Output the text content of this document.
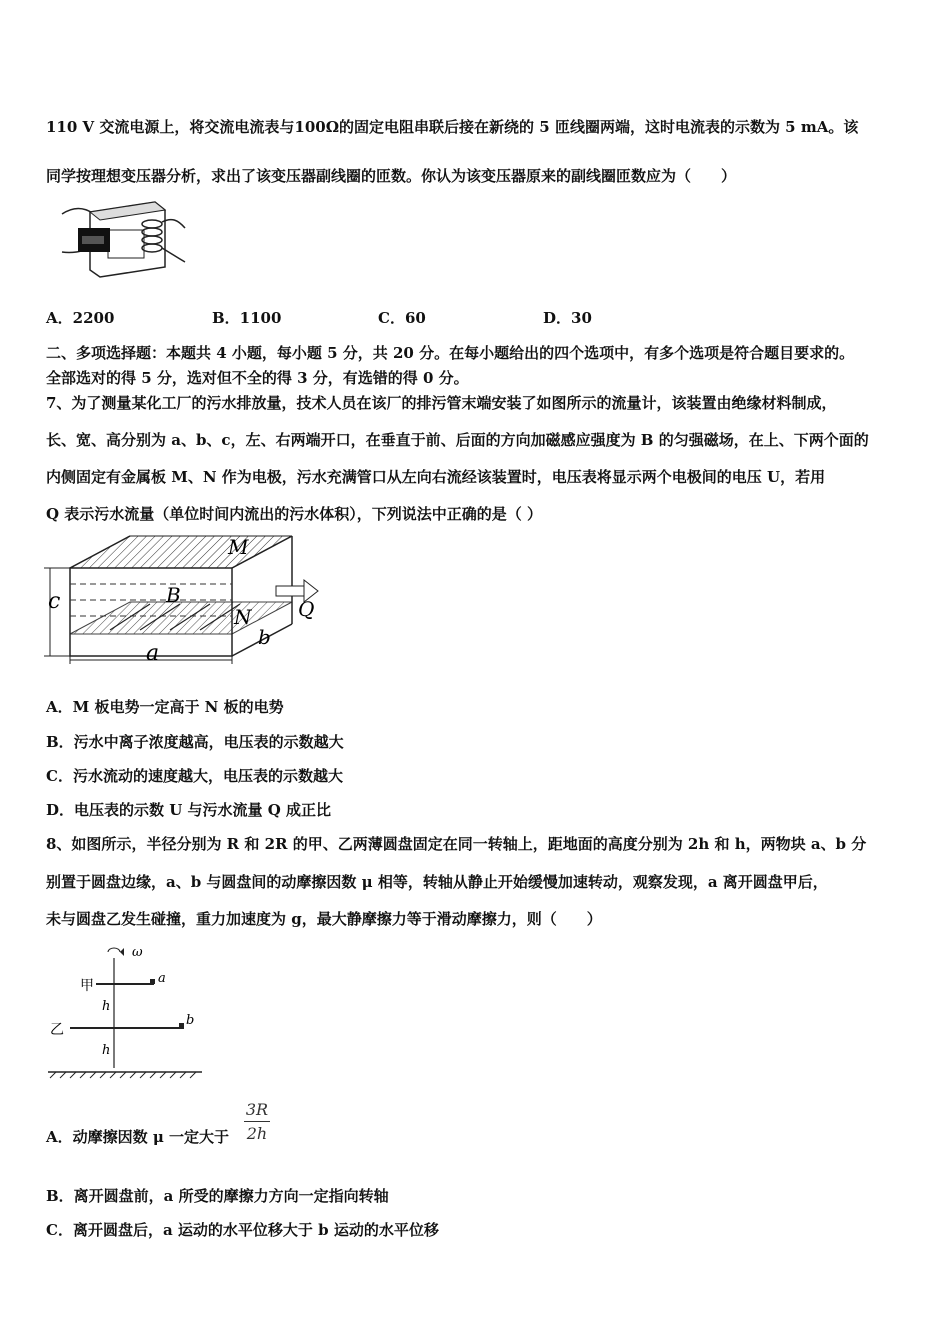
110 V 交流电源上，将交流电流表与100Ω的固定电阻串联后接在新绕的 5 匝线圈两端，这时电流表的示数为 5 mA。该
同学按理想变压器分析，求出了该变压器副线圈的匝数。你认为该变压器原来的副线圈匝数应为（　　）
A．2200	B．1100	C．60	D．30
二、多项选择题：本题共 4 小题，每小题 5 分，共 20 分。在每小题给出的四个选项中，有多个选项是符合题目要求的。
全部选对的得 5 分，选对但不全的得 3 分，有选错的得 0 分。
7、为了测量某化工厂的污水排放量，技术人员在该厂的排污管末端安装了如图所示的流量计，该装置由绝缘材料制成，
长、宽、高分别为 a、b、c，左、右两端开口，在垂直于前、后面的方向加磁感应强度为 B 的匀强磁场，在上、下两个面的
内侧固定有金属板 M、N 作为电极，污水充满管口从左向右流经该装置时，电压表将显示两个电极间的电压 U，若用
Q 表示污水流量（单位时间内流出的污水体积），下列说法中正确的是（ ）
M
N
B
Q
a
b
c
A．M 板电势一定高于 N 板的电势
B．污水中离子浓度越高，电压表的示数越大
C．污水流动的速度越大，电压表的示数越大
D．电压表的示数 U 与污水流量 Q 成正比
8、如图所示，半径分别为 R 和 2R 的甲、乙两薄圆盘固定在同一转轴上，距地面的高度分别为 2h 和 h，两物块 a、b 分
别置于圆盘边缘，a、b 与圆盘间的动摩擦因数 μ 相等，转轴从静止开始缓慢加速转动，观察发现，a 离开圆盘甲后，
未与圆盘乙发生碰撞，重力加速度为 g，最大静摩擦力等于滑动摩擦力，则（　　）
ω
a
甲
b
乙
h
h
A．动摩擦因数 μ 一定大于
3R
2h
B．离开圆盘前，a 所受的摩擦力方向一定指向转轴
C．离开圆盘后，a 运动的水平位移大于 b 运动的水平位移
